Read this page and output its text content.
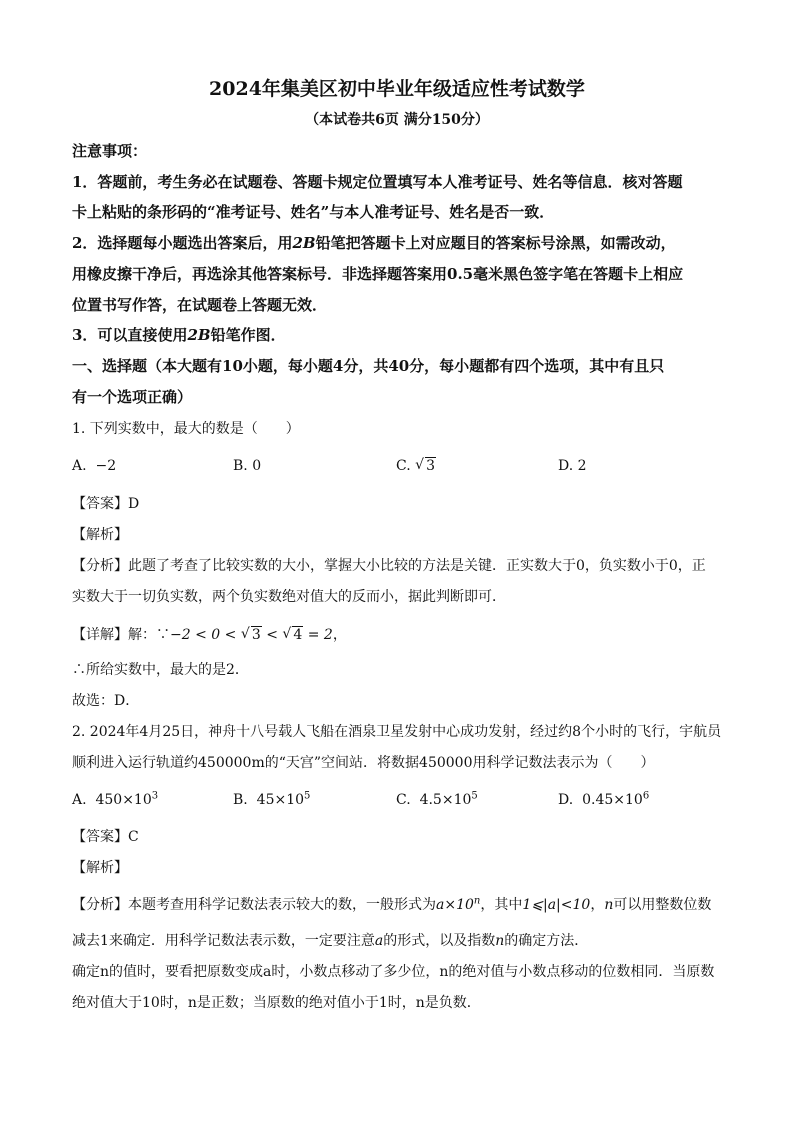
2024年集美区初中毕业年级适应性考试数学
（本试卷共6页 满分150分）
注意事项：
1．答题前，考生务必在试题卷、答题卡规定位置填写本人准考证号、姓名等信息．核对答题
卡上粘贴的条形码的“准考证号、姓名”与本人准考证号、姓名是否一致．
2．选择题每小题选出答案后，用2B铅笔把答题卡上对应题目的答案标号涂黑，如需改动，
用橡皮擦干净后，再选涂其他答案标号．非选择题答案用0.5毫米黑色签字笔在答题卡上相应
位置书写作答，在试题卷上答题无效．
3．可以直接使用2B铅笔作图．
一、选择题（本大题有10小题，每小题4分，共40分，每小题都有四个选项，其中有且只
有一个选项正确）
1. 下列实数中，最大的数是（　　）
A. −2	B. 0	C. √ 3	D. 2
【答案】D
【解析】
【分析】此题了考查了比较实数的大小，掌握大小比较的方法是关键．正实数大于0，负实数小于0，正
实数大于一切负实数，两个负实数绝对值大的反而小，据此判断即可．
【详解】解：∵−2 < 0 < √ 3 < √ 4 = 2，
∴所给实数中，最大的是2．
故选：D．
2. 2024年4月25日，神舟十八号载人飞船在酒泉卫星发射中心成功发射，经过约8个小时的飞行，宇航员
顺利进入运行轨道约450000m的“天宫”空间站．将数据450000用科学记数法表示为（　　）
A. $450\times 10^3$	B. $45\times 10^5$	C. $4.5\times 10^5$	D. $0.45\times 10^6$
【答案】C
【解析】
【分析】本题考查用科学记数法表示较大的数，一般形式为$a\times 10^n$，其中1⩽|a|<10，n可以用整数位数
减去1来确定．用科学记数法表示数，一定要注意a的形式，以及指数n的确定方法．
确定n的值时，要看把原数变成a时，小数点移动了多少位，n的绝对值与小数点移动的位数相同．当原数
绝对值大于10时，n是正数；当原数的绝对值小于1时，n是负数．
